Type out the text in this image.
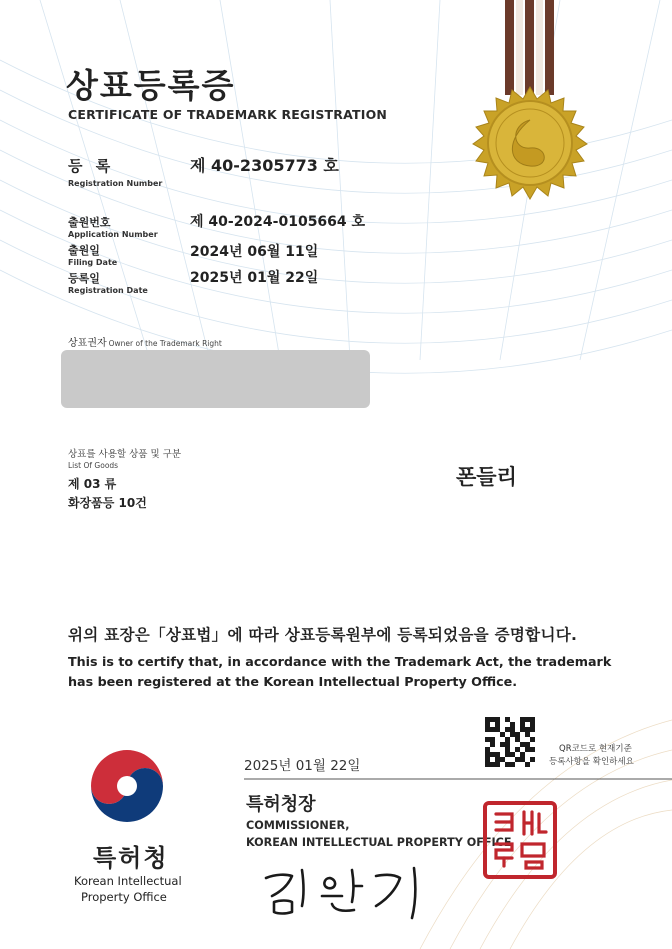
상표등록증
CERTIFICATE OF TRADEMARK REGISTRATION
등 록
Registration Number
제 40-2305773 호
출원번호
Application Number
제 40-2024-0105664 호
출원일
Filing Date
2024년 06월 11일
등록일
Registration Date
2025년 01월 22일
상표권자 Owner of the Trademark Right
상표를 사용할 상품 및 구분
List Of Goods
제 03 류
화장품등 10건
폰들리
위의 표장은「상표법」에 따라 상표등록원부에 등록되었음을 증명합니다.
This is to certify that, in accordance with the Trademark Act, the trademark
has been registered at the Korean Intellectual Property Office.
2025년 01월 22일
QR코드로 현재기준
등록사항을 확인하세요
특허청장
COMMISSIONER,
KOREAN INTELLECTUAL PROPERTY OFFICE
특허청
Korean Intellectual
Property Office
